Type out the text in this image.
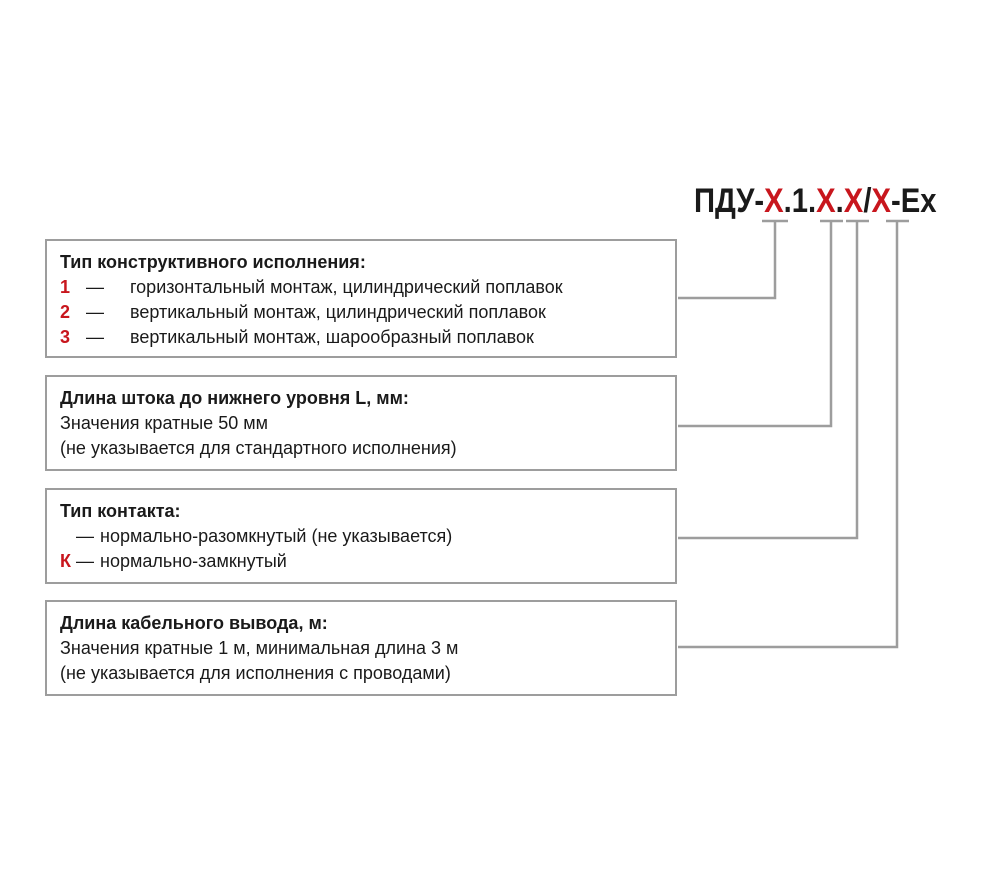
ПДУ-Х.1.Х.Х/Х-Ex
Тип конструктивного исполнения:
1 — горизонтальный монтаж, цилиндрический поплавок
2 — вертикальный монтаж, цилиндрический поплавок
3 — вертикальный монтаж, шарообразный поплавок
Длина штока до нижнего уровня L, мм:
Значения кратные 50 мм
(не указывается для стандартного исполнения)
Тип контакта:
— нормально-разомкнутый (не указывается)
К — нормально-замкнутый
Длина кабельного вывода, м:
Значения кратные 1 м, минимальная длина 3 м
(не указывается для исполнения с проводами)
